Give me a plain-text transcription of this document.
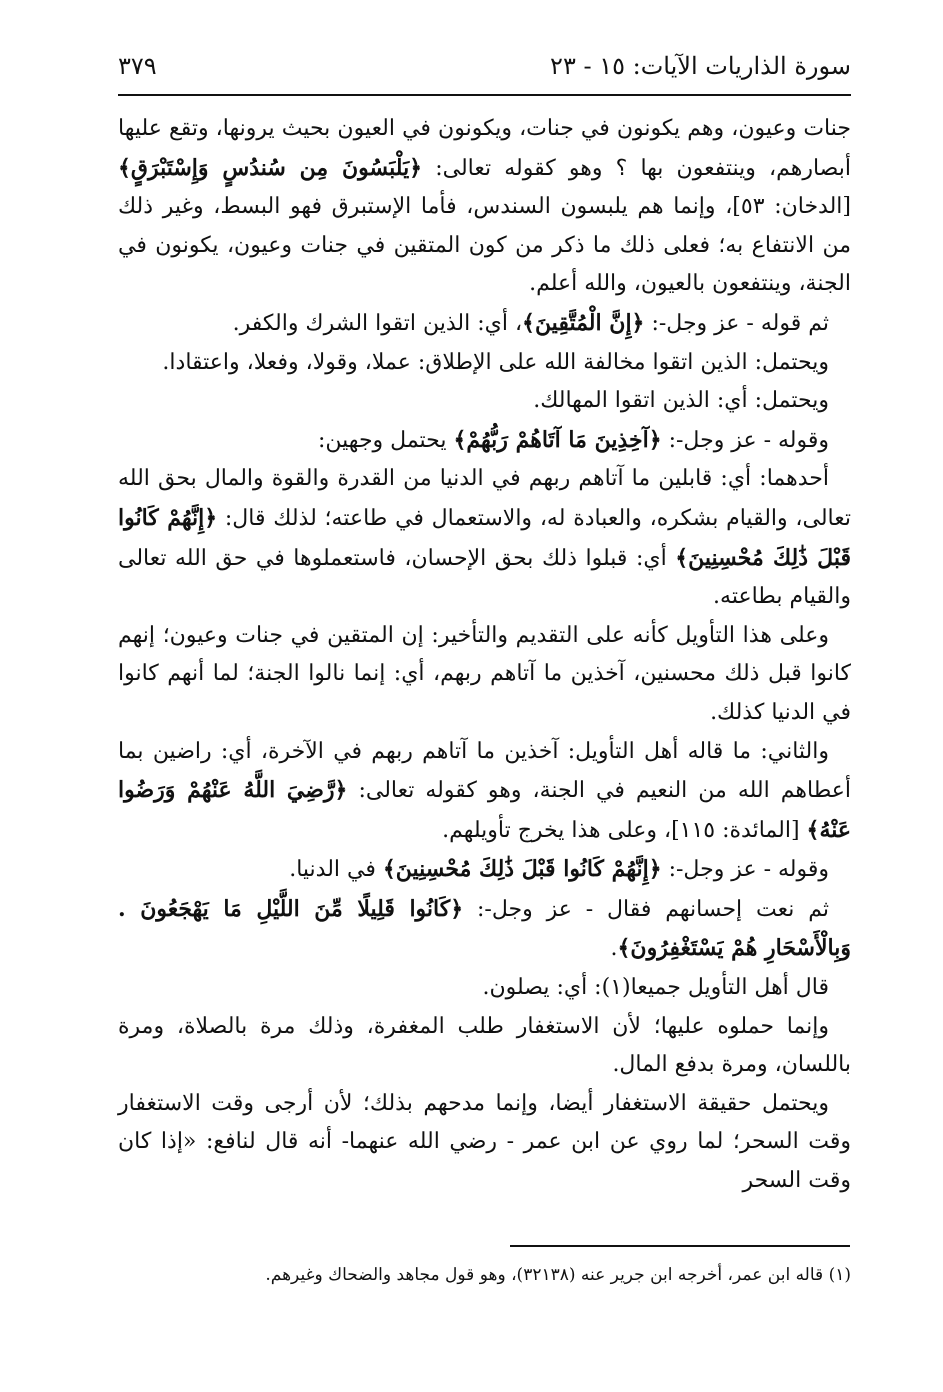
سورة الذاريات الآيات: ١٥ - ٢٣
٣٧٩

جنات وعيون، وهم يكونون في جنات، ويكونون في العيون بحيث يرونها، وتقع عليها أبصارهم، وينتفعون بها ؟ وهو كقوله تعالى: ﴿يَلْبَسُونَ مِن سُندُسٍ وَإِسْتَبْرَقٍ﴾ [الدخان: ٥٣]، وإنما هم يلبسون السندس، فأما الإستبرق فهو البسط، وغير ذلك من الانتفاع به؛ فعلى ذلك ما ذكر من كون المتقين في جنات وعيون، يكونون في الجنة، وينتفعون بالعيون، والله أعلم.

ثم قوله - عز وجل-: ﴿إِنَّ الْمُتَّقِينَ﴾، أي: الذين اتقوا الشرك والكفر.

ويحتمل: الذين اتقوا مخالفة الله على الإطلاق: عملا، وقولا، وفعلا، واعتقادا.

ويحتمل: أي: الذين اتقوا المهالك.

وقوله - عز وجل-: ﴿آخِذِينَ مَا آتَاهُمْ رَبُّهُمْ﴾ يحتمل وجهين:

أحدهما: أي: قابلين ما آتاهم ربهم في الدنيا من القدرة والقوة والمال بحق الله تعالى، والقيام بشكره، والعبادة له، والاستعمال في طاعته؛ لذلك قال: ﴿إِنَّهُمْ كَانُوا قَبْلَ ذَٰلِكَ مُحْسِنِينَ﴾ أي: قبلوا ذلك بحق الإحسان، فاستعملوها في حق الله تعالى والقيام بطاعته.

وعلى هذا التأويل كأنه على التقديم والتأخير: إن المتقين في جنات وعيون؛ إنهم كانوا قبل ذلك محسنين، آخذين ما آتاهم ربهم، أي: إنما نالوا الجنة؛ لما أنهم كانوا في الدنيا كذلك.

والثاني: ما قاله أهل التأويل: آخذين ما آتاهم ربهم في الآخرة، أي: راضين بما أعطاهم الله من النعيم في الجنة، وهو كقوله تعالى: ﴿رَّضِيَ اللَّهُ عَنْهُمْ وَرَضُوا عَنْهُ﴾ [المائدة: ١١٥]، وعلى هذا يخرج تأويلهم.

وقوله - عز وجل-: ﴿إِنَّهُمْ كَانُوا قَبْلَ ذَٰلِكَ مُحْسِنِينَ﴾ في الدنيا.

ثم نعت إحسانهم فقال - عز وجل-: ﴿كَانُوا قَلِيلًا مِّنَ اللَّيْلِ مَا يَهْجَعُونَ . وَبِالْأَسْحَارِ هُمْ يَسْتَغْفِرُونَ﴾.

قال أهل التأويل جميعا(١): أي: يصلون.

وإنما حملوه عليها؛ لأن الاستغفار طلب المغفرة، وذلك مرة بالصلاة، ومرة باللسان، ومرة بدفع المال.

ويحتمل حقيقة الاستغفار أيضا، وإنما مدحهم بذلك؛ لأن أرجى وقت الاستغفار وقت السحر؛ لما روي عن ابن عمر - رضي الله عنهما- أنه قال لنافع: «إذا كان وقت السحر

(١) قاله ابن عمر، أخرجه ابن جرير عنه (٣٢١٣٨)، وهو قول مجاهد والضحاك وغيرهم.
